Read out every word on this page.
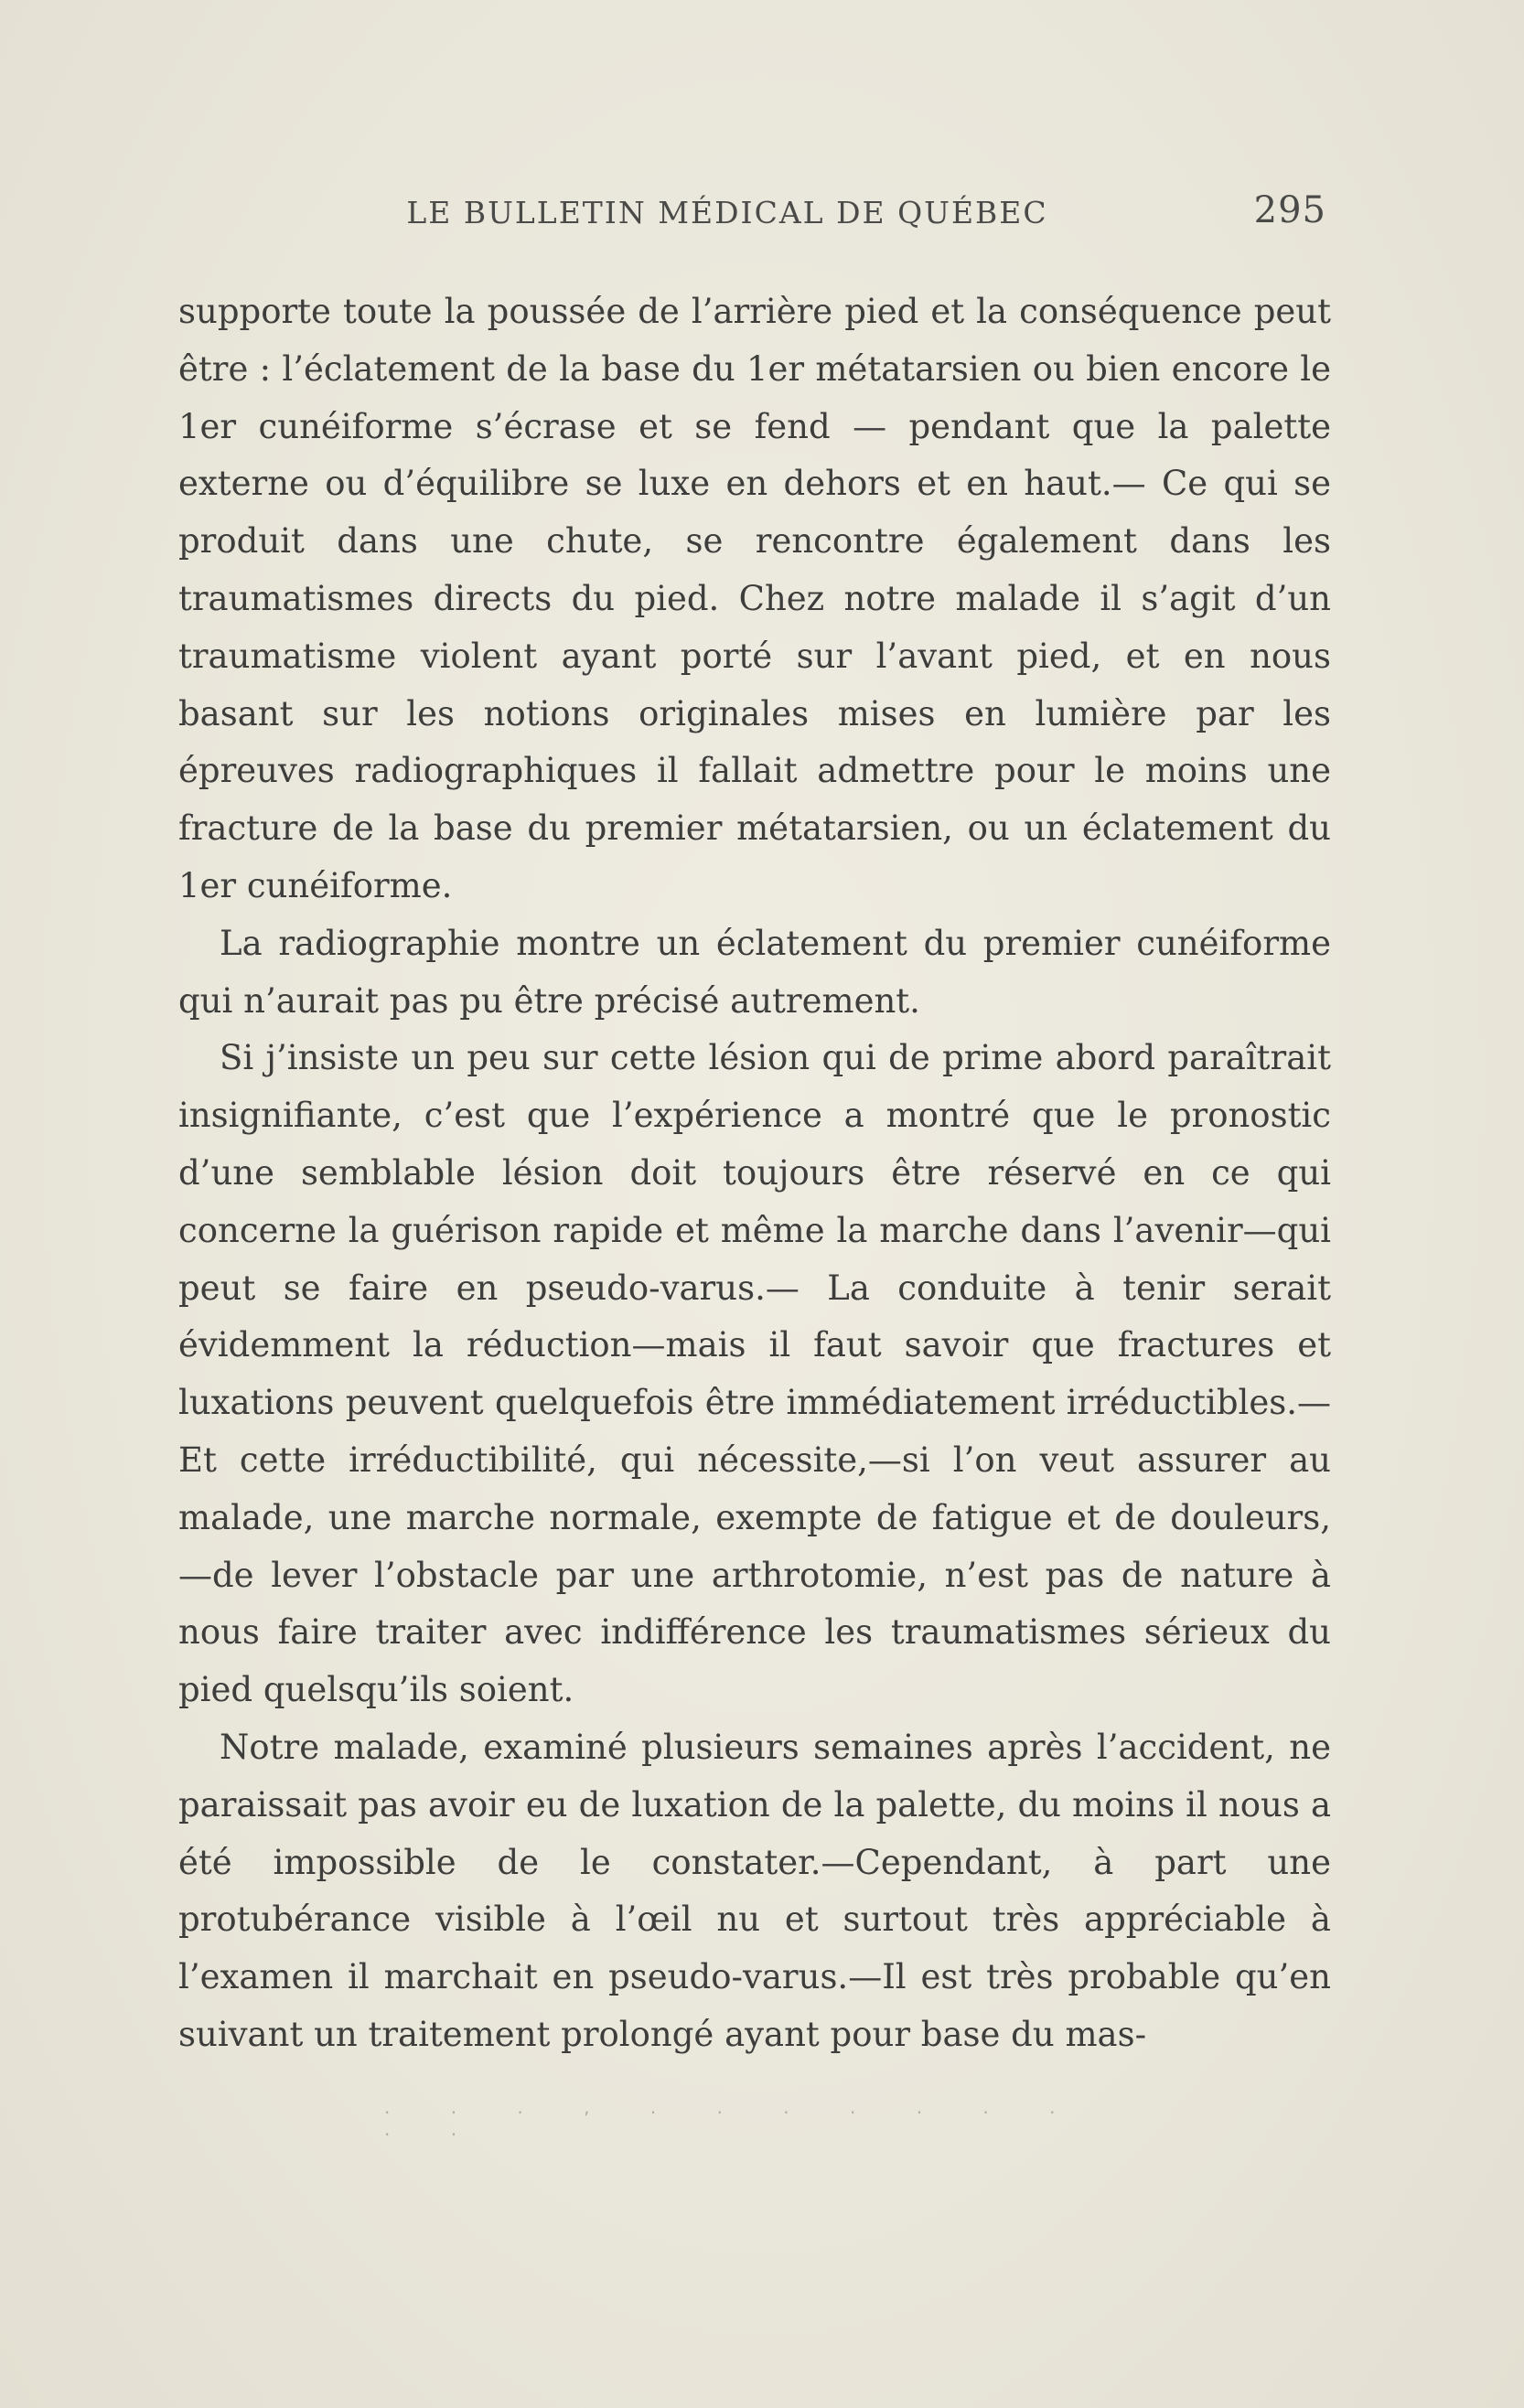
LE BULLETIN MÉDICAL DE QUÉBEC	295

supporte toute la poussée de l’arrière pied et la conséquence peut être : l’éclatement de la base du 1er métatarsien ou bien encore le 1er cunéiforme s’écrase et se fend — pendant que la palette externe ou d’équilibre se luxe en dehors et en haut.— Ce qui se produit dans une chute, se rencontre également dans les traumatismes directs du pied. Chez notre malade il s’agit d’un traumatisme violent ayant porté sur l’avant pied, et en nous basant sur les notions originales mises en lumière par les épreuves radiographiques il fallait admettre pour le moins une fracture de la base du premier métatarsien, ou un éclatement du 1er cunéiforme.

La radiographie montre un éclatement du premier cunéiforme qui n’aurait pas pu être précisé autrement.

Si j’insiste un peu sur cette lésion qui de prime abord paraîtrait insignifiante, c’est que l’expérience a montré que le pronostic d’une semblable lésion doit toujours être réservé en ce qui concerne la guérison rapide et même la marche dans l’avenir—qui peut se faire en pseudo-varus.— La conduite à tenir serait évidemment la réduction—mais il faut savoir que fractures et luxations peuvent quelquefois être immédiatement irréductibles.—Et cette irréductibilité, qui nécessite,—si l’on veut assurer au malade, une marche normale, exempte de fatigue et de douleurs,—de lever l’obstacle par une arthrotomie, n’est pas de nature à nous faire traiter avec indifférence les traumatismes sérieux du pied quelsqu’ils soient.

Notre malade, examiné plusieurs semaines après l’accident, ne paraissait pas avoir eu de luxation de la palette, du moins il nous a été impossible de le constater.—Cependant, à part une protubérance visible à l’œil nu et surtout très appréciable à l’examen il marchait en pseudo-varus.—Il est très probable qu’en suivant un traitement prolongé ayant pour base du mas-

. . . , . . . . . . . . .
